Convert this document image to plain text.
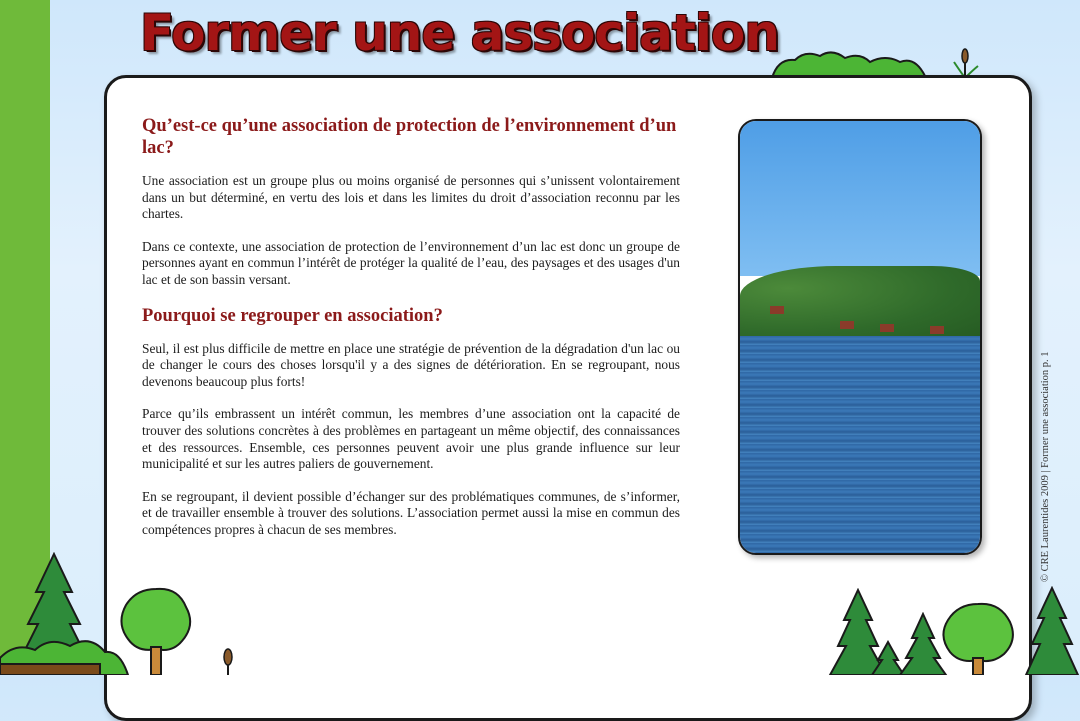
Former une association
Qu’est-ce qu’une association de protection de l’environnement d’un lac?

Une association est un groupe plus ou moins organisé de personnes qui s’unissent volontairement dans un but déterminé, en vertu des lois et dans les limites du droit d’association reconnu par les chartes.

Dans ce contexte, une association de protection de l’environnement d’un lac est donc un groupe de personnes ayant en commun l’intérêt de protéger la qualité de l’eau, des paysages et des usages d'un lac et de son bassin versant.

Pourquoi se regrouper en association?

Seul, il est plus difficile de mettre en place une stratégie de prévention de la dégradation d'un lac ou de changer le cours des choses lorsqu'il y a des signes de détérioration. En se regroupant, nous devenons beaucoup plus forts!

Parce qu’ils embrassent un intérêt commun, les membres d’une association ont la capacité de trouver des solutions concrètes à des problèmes en partageant un même objectif, des connaissances et des ressources. Ensemble, ces personnes peuvent avoir une plus grande influence sur leur municipalité et sur les autres paliers de gouvernement.

En se regroupant, il devient possible d’échanger sur des problématiques communes, de s’informer, et de travailler ensemble à trouver des solutions. L’association permet aussi la mise en commun des compétences propres à chacun de ses membres.	© CRE Laurentides 2009 | Former une association p. 1
